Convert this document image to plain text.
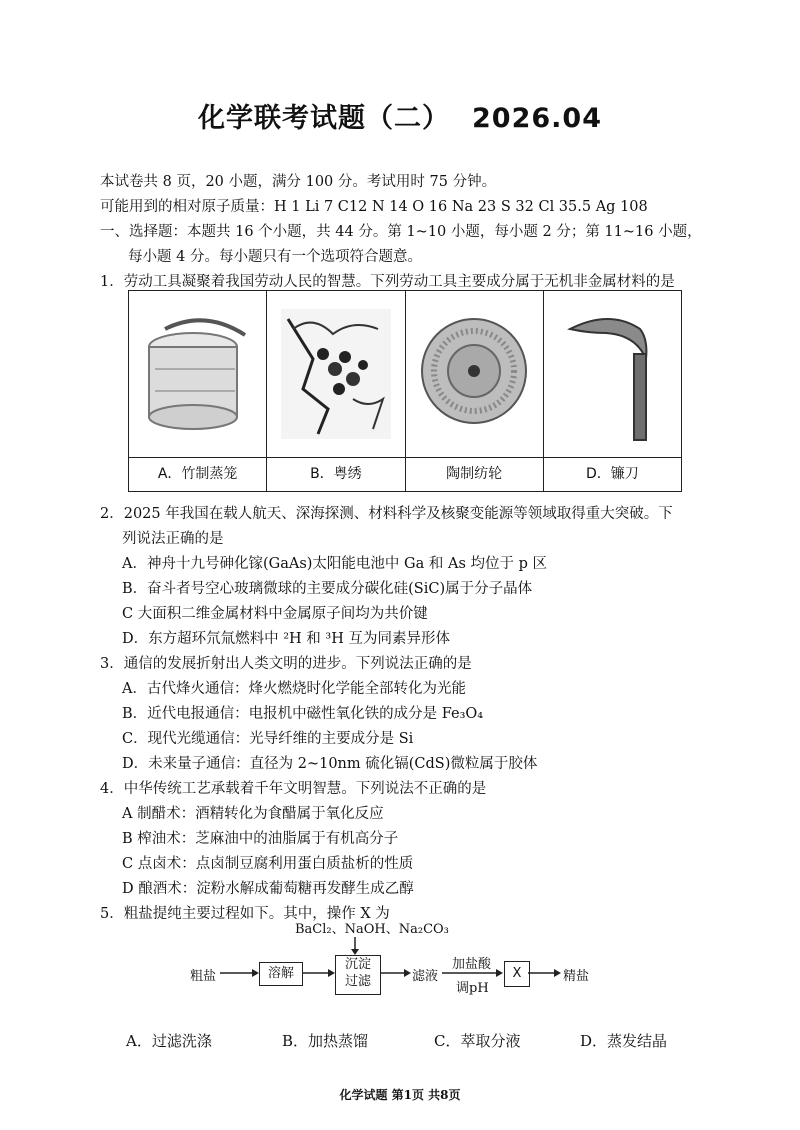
化学联考试题（二） 2026.04
本试卷共 8 页，20 小题，满分 100 分。考试用时 75 分钟。
可能用到的相对原子质量：H 1 Li 7 C12 N 14 O 16 Na 23 S 32 Cl 35.5 Ag 108
一、选择题：本题共 16 个小题，共 44 分。第 1~10 小题，每小题 2 分；第 11~16 小题，
每小题 4 分。每小题只有一个选项符合题意。
1．劳动工具凝聚着我国劳动人民的智慧。下列劳动工具主要成分属于无机非金属材料的是
A．竹制蒸笼	B．粤绣	陶制纺轮	D．镰刀
2．2025 年我国在载人航天、深海探测、材料科学及核聚变能源等领域取得重大突破。下
列说法正确的是
A．神舟十九号砷化镓(GaAs)太阳能电池中 Ga 和 As 均位于 p 区
B．奋斗者号空心玻璃微球的主要成分碳化硅(SiC)属于分子晶体
C 大面积二维金属材料中金属原子间均为共价键
D．东方超环氘氚燃料中 ²H 和 ³H 互为同素异形体
3．通信的发展折射出人类文明的进步。下列说法正确的是
A．古代烽火通信：烽火燃烧时化学能全部转化为光能
B．近代电报通信：电报机中磁性氧化铁的成分是 Fe₃O₄
C．现代光缆通信：光导纤维的主要成分是 Si
D．未来量子通信：直径为 2~10nm 硫化镉(CdS)微粒属于胶体
4．中华传统工艺承载着千年文明智慧。下列说法不正确的是
A 制醋术：酒精转化为食醋属于氧化反应
B 榨油术：芝麻油中的油脂属于有机高分子
C 点卤术：点卤制豆腐利用蛋白质盐析的性质
D 酿酒术：淀粉水解成葡萄糖再发酵生成乙醇
5．粗盐提纯主要过程如下。其中，操作 X 为
BaCl₂、NaOH、Na₂CO₃
粗盐	溶解
沉淀
过滤	滤液
加盐酸
调pH
X	精盐
A．过滤洗涤	B．加热蒸馏	C．萃取分液	D．蒸发结晶
化学试题 第1页 共8页
